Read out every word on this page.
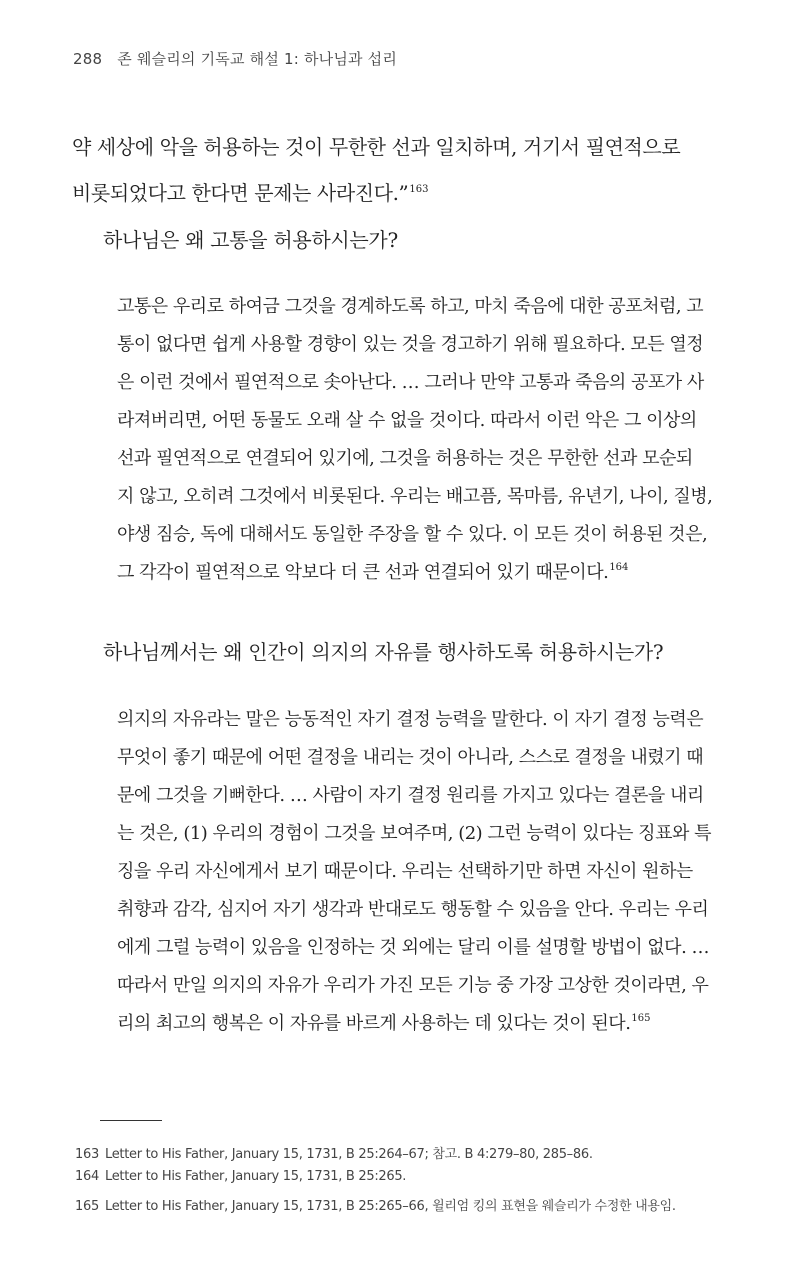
288 존 웨슬리의 기독교 해설 1: 하나님과 섭리
약 세상에 악을 허용하는 것이 무한한 선과 일치하며, 거기서 필연적으로
비롯되었다고 한다면 문제는 사라진다.”$^{163}$
하나님은 왜 고통을 허용하시는가?
고통은 우리로 하여금 그것을 경계하도록 하고, 마치 죽음에 대한 공포처럼, 고
통이 없다면 쉽게 사용할 경향이 있는 것을 경고하기 위해 필요하다. 모든 열정
은 이런 것에서 필연적으로 솟아난다. … 그러나 만약 고통과 죽음의 공포가 사
라져버리면, 어떤 동물도 오래 살 수 없을 것이다. 따라서 이런 악은 그 이상의
선과 필연적으로 연결되어 있기에, 그것을 허용하는 것은 무한한 선과 모순되
지 않고, 오히려 그것에서 비롯된다. 우리는 배고픔, 목마름, 유년기, 나이, 질병,
야생 짐승, 독에 대해서도 동일한 주장을 할 수 있다. 이 모든 것이 허용된 것은,
그 각각이 필연적으로 악보다 더 큰 선과 연결되어 있기 때문이다.$^{164}$
하나님께서는 왜 인간이 의지의 자유를 행사하도록 허용하시는가?
의지의 자유라는 말은 능동적인 자기 결정 능력을 말한다. 이 자기 결정 능력은
무엇이 좋기 때문에 어떤 결정을 내리는 것이 아니라, 스스로 결정을 내렸기 때
문에 그것을 기뻐한다. … 사람이 자기 결정 원리를 가지고 있다는 결론을 내리
는 것은, (1) 우리의 경험이 그것을 보여주며, (2) 그런 능력이 있다는 징표와 특
징을 우리 자신에게서 보기 때문이다. 우리는 선택하기만 하면 자신이 원하는
취향과 감각, 심지어 자기 생각과 반대로도 행동할 수 있음을 안다. 우리는 우리
에게 그럴 능력이 있음을 인정하는 것 외에는 달리 이를 설명할 방법이 없다. …
따라서 만일 의지의 자유가 우리가 가진 모든 기능 중 가장 고상한 것이라면, 우
리의 최고의 행복은 이 자유를 바르게 사용하는 데 있다는 것이 된다.$^{165}$
163 Letter to His Father, January 15, 1731, B 25:264–67; 참고. B 4:279–80, 285–86.
164 Letter to His Father, January 15, 1731, B 25:265.
165 Letter to His Father, January 15, 1731, B 25:265–66, 윌리엄 킹의 표현을 웨슬리가 수정한 내용임.
